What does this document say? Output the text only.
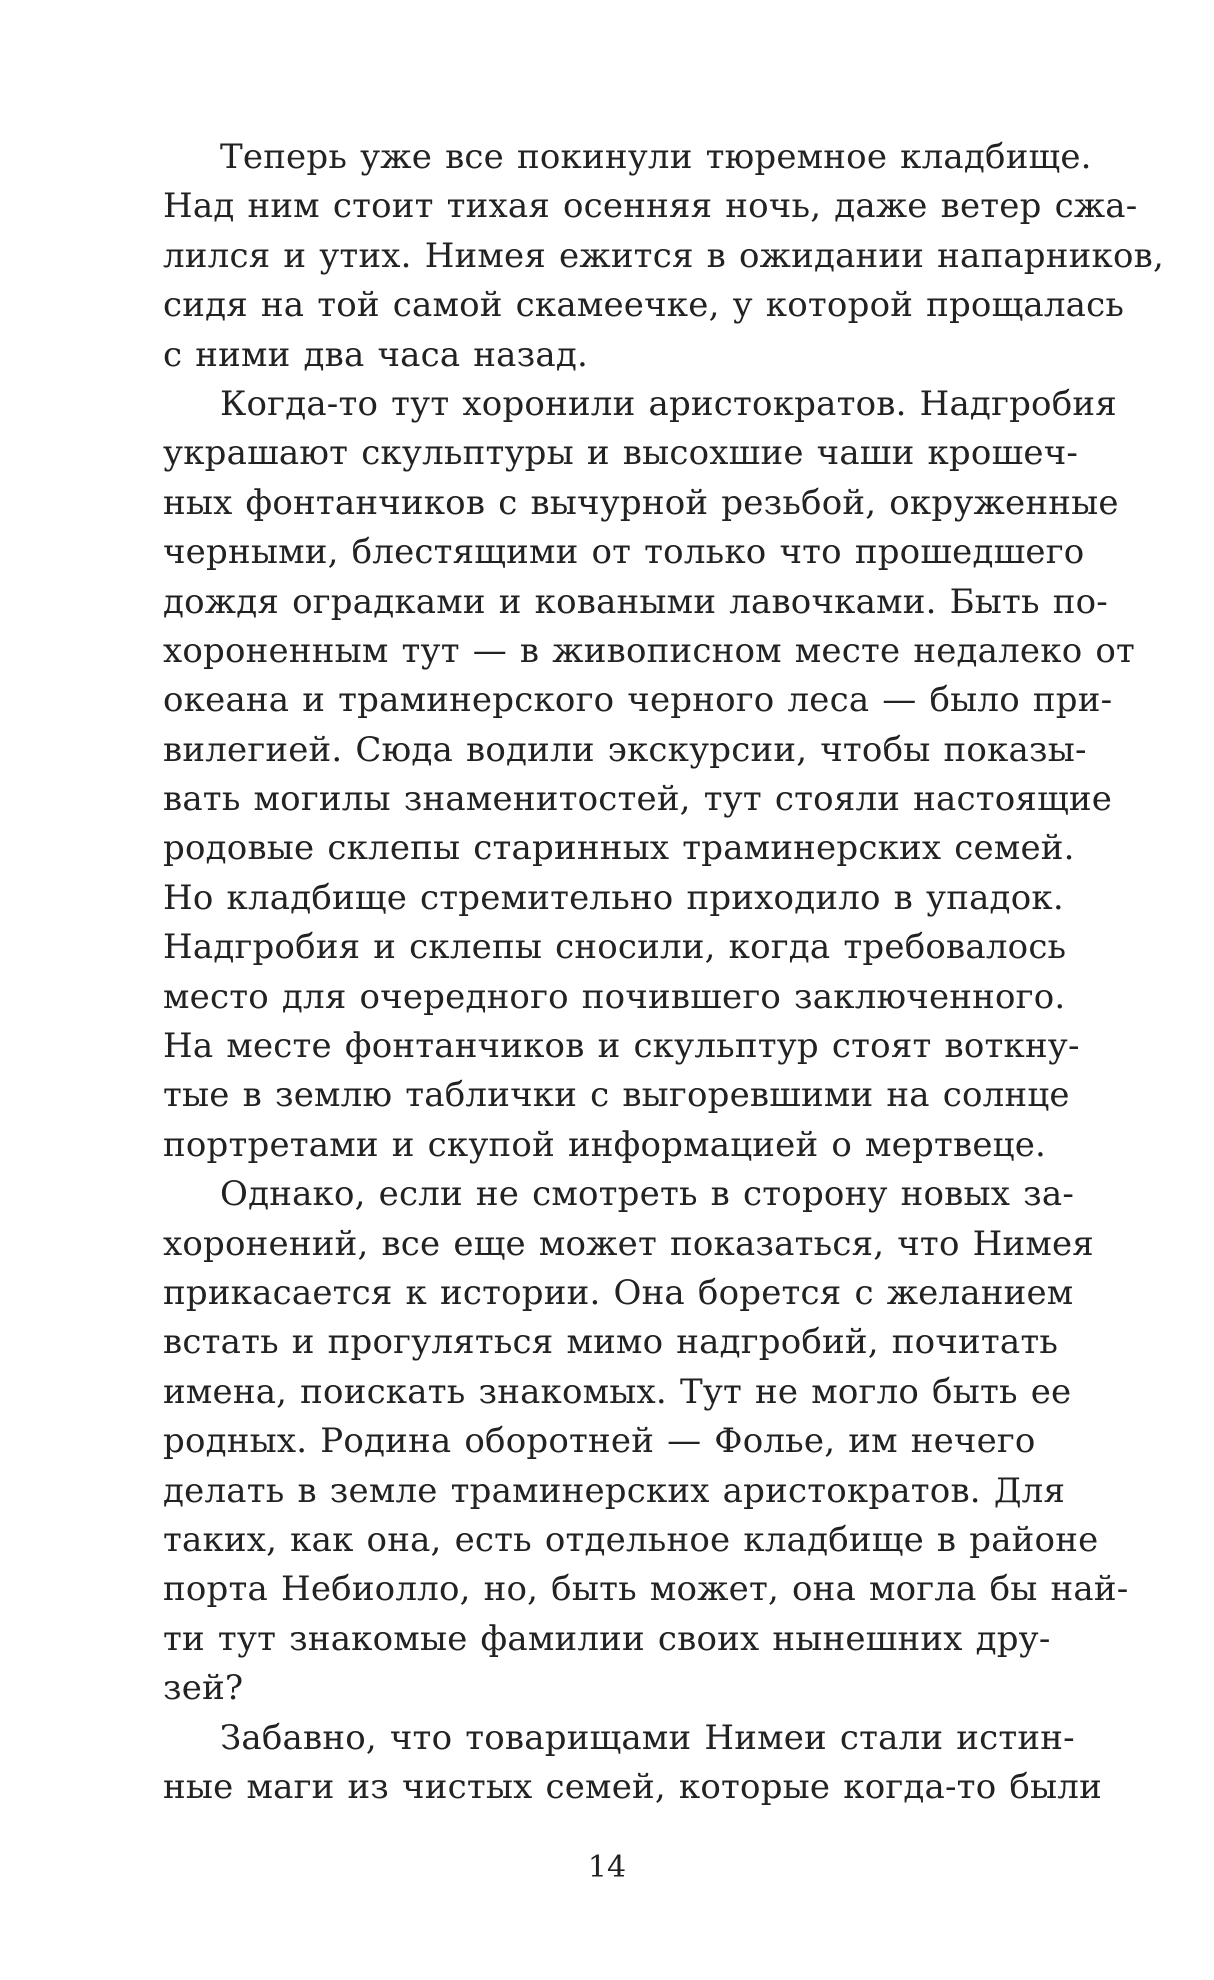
Теперь уже все покинули тюремное кладбище.
Над ним стоит тихая осенняя ночь, даже ветер сжа-
лился и утих. Нимея ежится в ожидании напарников,
сидя на той самой скамеечке, у которой прощалась
с ними два часа назад.
Когда-то тут хоронили аристократов. Надгробия
украшают скульптуры и высохшие чаши крошеч-
ных фонтанчиков с вычурной резьбой, окруженные
черными, блестящими от только что прошедшего
дождя оградками и коваными лавочками. Быть по-
хороненным тут — в живописном месте недалеко от
океана и траминерского черного леса — было при-
вилегией. Сюда водили экскурсии, чтобы показы-
вать могилы знаменитостей, тут стояли настоящие
родовые склепы старинных траминерских семей.
Но кладбище стремительно приходило в упадок.
Надгробия и склепы сносили, когда требовалось
место для очередного почившего заключенного.
На месте фонтанчиков и скульптур стоят воткну-
тые в землю таблички с выгоревшими на солнце
портретами и скупой информацией о мертвеце.
Однако, если не смотреть в сторону новых за-
хоронений, все еще может показаться, что Нимея
прикасается к истории. Она борется с желанием
встать и прогуляться мимо надгробий, почитать
имена, поискать знакомых. Тут не могло быть ее
родных. Родина оборотней — Фолье, им нечего
делать в земле траминерских аристократов. Для
таких, как она, есть отдельное кладбище в районе
порта Небиолло, но, быть может, она могла бы най-
ти тут знакомые фамилии своих нынешних дру-
зей?
Забавно, что товарищами Нимеи стали истин-
ные маги из чистых семей, которые когда-то были
14
